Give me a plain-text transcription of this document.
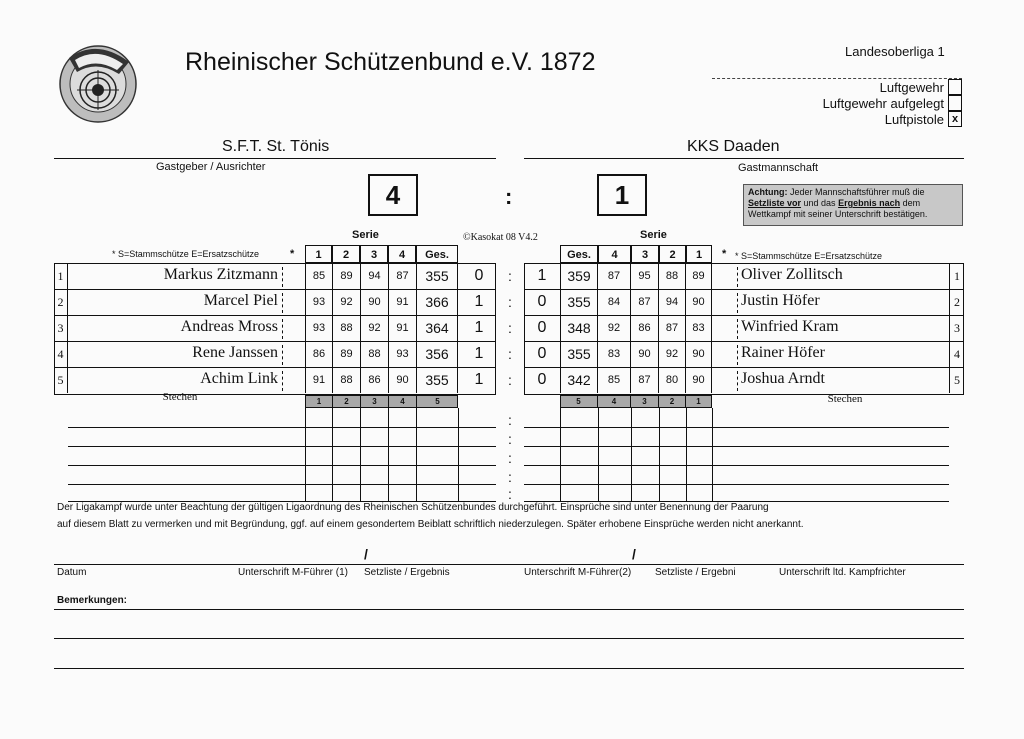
Rheinischer Schützenbund e.V. 1872	Landesoberliga 1
Luftgewehr
Luftgewehr aufgelegt
Luftpistole x
S.F.T. St. Tönis
Gastgeber / Ausrichter
KKS Daaden
Gastmannschaft
4	:	1	Achtung: Jeder Mannschaftsführer muß die Setzliste vor und das Ergebnis nach dem Wettkampf mit seiner Unterschrift bestätigen.
Serie	©Kasokat 08 V4.2	Serie
* S=Stammschütze E=Ersatzschütze	*	* * S=Stammschütze E=Ersatzschütze
1	2	3	4	Ges.	Ges.	4	3	2	1
1	Markus Zitzmann	85	89	94	87	355	0	:	1	359	87	95	88	89	Oliver Zollitsch	1
2	Marcel Piel	93	92	90	91	366	1	:	0	355	84	87	94	90	Justin Höfer	2
3	Andreas Mross	93	88	92	91	364	1	:	0	348	92	86	87	83	Winfried Kram	3
4	Rene Janssen	86	89	88	93	356	1	:	0	355	83	90	92	90	Rainer Höfer	4
5	Achim Link	91	88	86	90	355	1	:	0	342	85	87	80	90	Joshua Arndt	5
Stechen	Stechen
1	2	3	4	5	5	4	3	2	1
:
:
:
:
:
Der Ligakampf wurde unter Beachtung der gültigen Ligaordnung des Rheinischen Schützenbundes durchgeführt. Einsprüche sind unter Benennung der Paarung
auf diesem Blatt zu vermerken und mit Begründung, ggf. auf einem gesondertem Beiblatt schriftlich niederzulegen. Später erhobene Einsprüche werden nicht anerkannt.
/	/
Datum	Unterschrift M-Führer (1) Setzliste / Ergebnis	Unterschrift M-Führer(2) Setzliste / Ergebni	Unterschrift ltd. Kampfrichter
Bemerkungen:
